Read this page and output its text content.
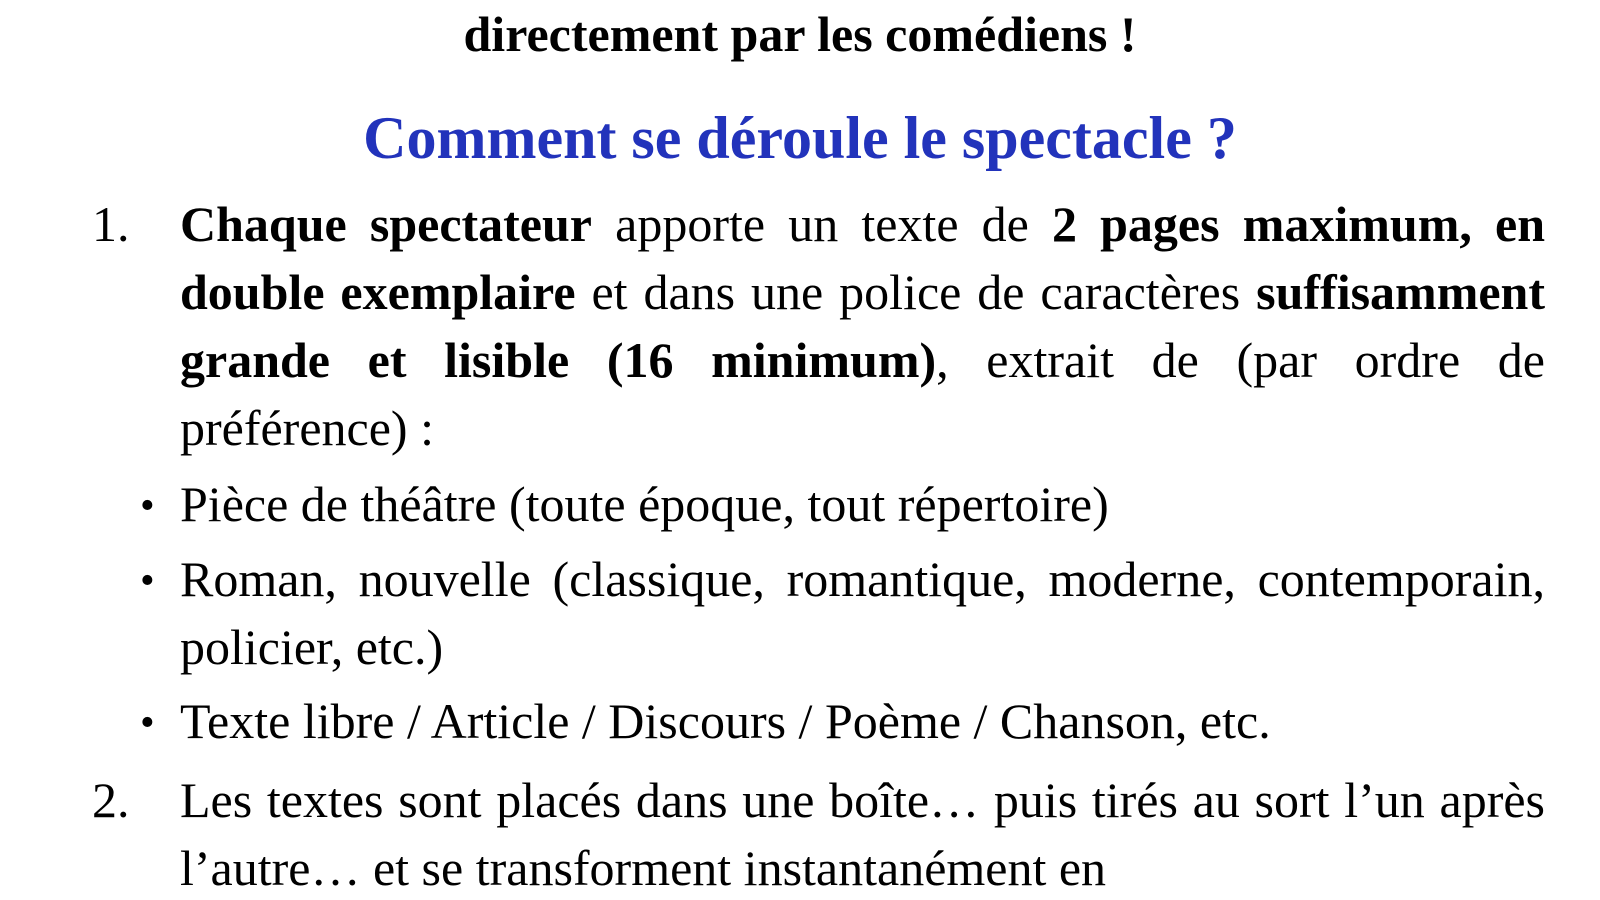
directement par les comédiens !
Comment se déroule le spectacle ?
1. Chaque spectateur apporte un texte de 2 pages maximum, en double exemplaire et dans une police de caractères suffisamment grande et lisible (16 minimum), extrait de (par ordre de préférence) :
• Pièce de théâtre (toute époque, tout répertoire)
• Roman, nouvelle (classique, romantique, moderne, contemporain, policier, etc.)
• Texte libre / Article / Discours / Poème / Chanson, etc.
2. Les textes sont placés dans une boîte… puis tirés au sort l’un après l’autre… et se transforment instantanément en
